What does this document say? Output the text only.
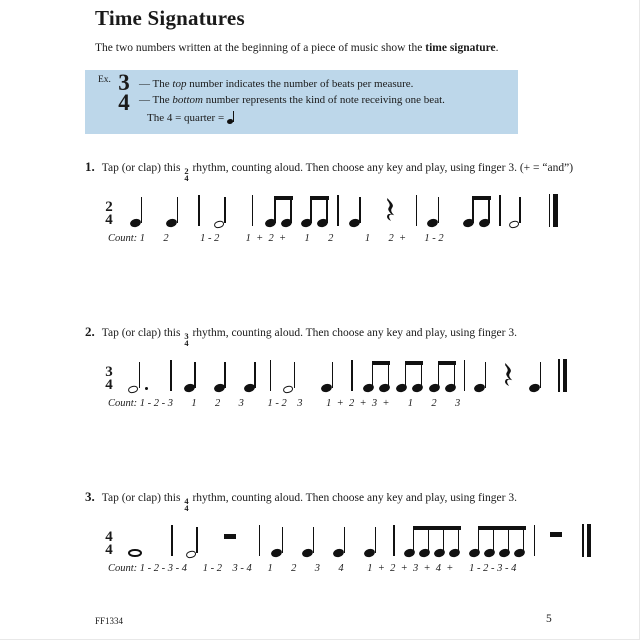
Time Signatures
The two numbers written at the beginning of a piece of music show the time signature.
Ex. 3
4
— The top number indicates the number of beats per measure.
— The bottom number represents the kind of note receiving one beat.
The 4 = quarter =
1. Tap (or clap) this 2
4
rhythm, counting aloud. Then choose any key and play, using finger 3. (+ = “and”)
2
4
Count: 1       2            1 - 2          1  +  2  +       1       2            1       2  +       1 - 2
2. Tap (or clap) this 3
4
rhythm, counting aloud. Then choose any key and play, using finger 3.
3
4
Count: 1 - 2 - 3       1       2       3         1 - 2    3         1  +  2  +  3  +       1       2       3
3. Tap (or clap) this 4
4
rhythm, counting aloud. Then choose any key and play, using finger 3.
4
4
Count: 1 - 2 - 3 - 4      1 - 2    3 - 4      1       2       3       4         1  +  2  +  3  +  4  +      1 - 2 - 3 - 4
FF1334	5
